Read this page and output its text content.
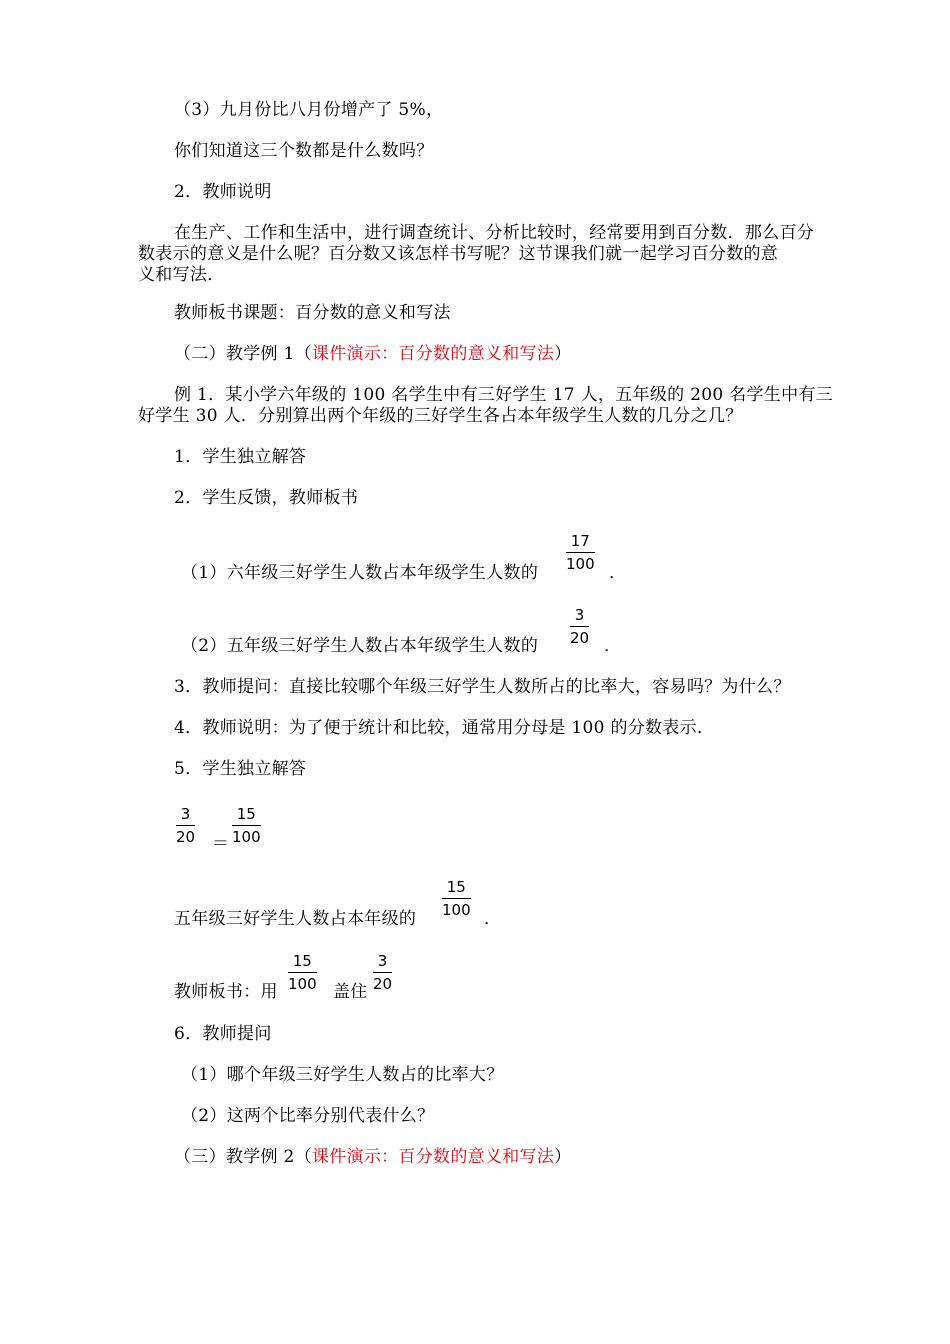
（3）九月份比八月份增产了 5%，
你们知道这三个数都是什么数吗？
2．教师说明
在生产、工作和生活中，进行调查统计、分析比较时，经常要用到百分数．那么百分
数表示的意义是什么呢？百分数又该怎样书写呢？这节课我们就一起学习百分数的意
义和写法．
教师板书课题：百分数的意义和写法
（二）教学例 1（课件演示：百分数的意义和写法）
例 1．某小学六年级的 100 名学生中有三好学生 17 人，五年级的 200 名学生中有三
好学生 30 人．分别算出两个年级的三好学生各占本年级学生人数的几分之几？
1．学生独立解答
2．学生反馈，教师板书
（1）六年级三好学生人数占本年级学生人数的 $\frac{17}{100}$ ．
（2）五年级三好学生人数占本年级学生人数的 $\frac{3}{20}$ ．
3．教师提问：直接比较哪个年级三好学生人数所占的比率大，容易吗？为什么？
4．教师说明：为了便于统计和比较，通常用分母是 100 的分数表示．
5．学生独立解答
$\frac{3}{20} = \frac{15}{100}$
五年级三好学生人数占本年级的 $\frac{15}{100}$ ．
教师板书：用 $\frac{15}{100}$ 盖住 $\frac{3}{20}$
6．教师提问
（1）哪个年级三好学生人数占的比率大？
（2）这两个比率分别代表什么？
（三）教学例 2（课件演示：百分数的意义和写法）
